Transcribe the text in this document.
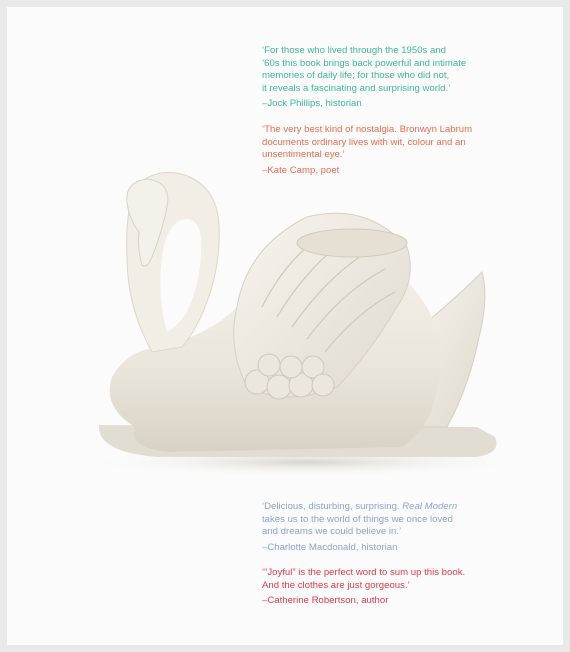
‘For those who lived through the 1950s and
’60s this book brings back powerful and intimate
memories of daily life; for those who did not,
it reveals a fascinating and surprising world.’
–Jock Phillips, historian
‘The very best kind of nostalgia. Bronwyn Labrum
documents ordinary lives with wit, colour and an
unsentimental eye.’
–Kate Camp, poet
‘Delicious, disturbing, surprising. Real Modern
takes us to the world of things we once loved
and dreams we could believe in.’
–Charlotte Macdonald, historian
‘“Joyful” is the perfect word to sum up this book.
And the clothes are just gorgeous.’
–Catherine Robertson, author
